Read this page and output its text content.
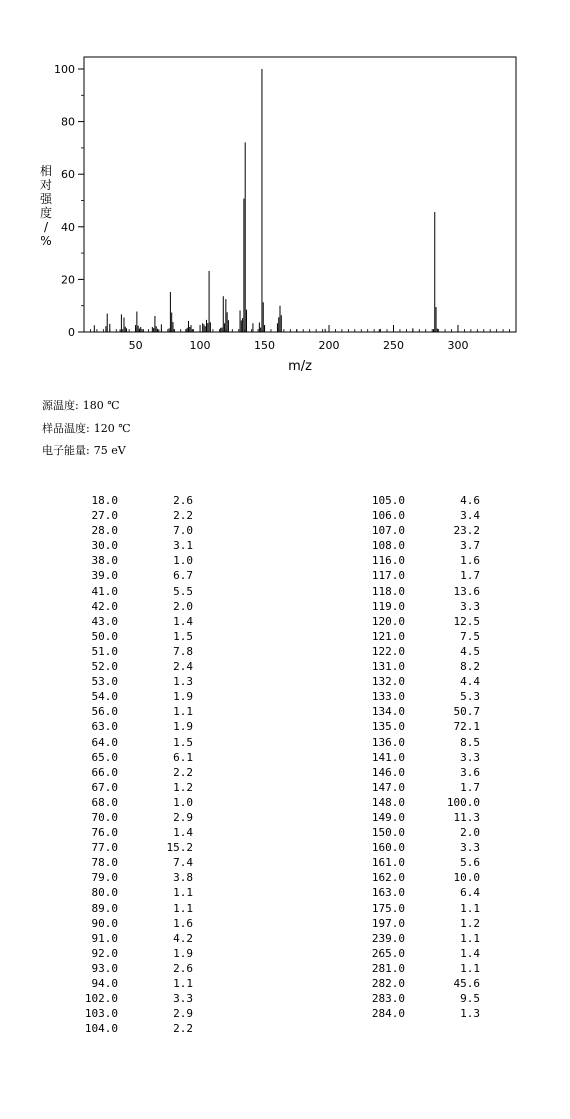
50	100	150	200	250	300
0
20
40
60
80
100
m/z
相对强度/ %
源温度: 180 ℃
样品温度: 120 ℃
电子能量: 75 eV
18.0	2.6
27.0	2.2
28.0	7.0
30.0	3.1
38.0	1.0
39.0	6.7
41.0	5.5
42.0	2.0
43.0	1.4
50.0	1.5
51.0	7.8
52.0	2.4
53.0	1.3
54.0	1.9
56.0	1.1
63.0	1.9
64.0	1.5
65.0	6.1
66.0	2.2
67.0	1.2
68.0	1.0
70.0	2.9
76.0	1.4
77.0	15.2
78.0	7.4
79.0	3.8
80.0	1.1
89.0	1.1
90.0	1.6
91.0	4.2
92.0	1.9
93.0	2.6
94.0	1.1
102.0	3.3
103.0	2.9
104.0	2.2
105.0	4.6
106.0	3.4
107.0	23.2
108.0	3.7
116.0	1.6
117.0	1.7
118.0	13.6
119.0	3.3
120.0	12.5
121.0	7.5
122.0	4.5
131.0	8.2
132.0	4.4
133.0	5.3
134.0	50.7
135.0	72.1
136.0	8.5
141.0	3.3
146.0	3.6
147.0	1.7
148.0	100.0
149.0	11.3
150.0	2.0
160.0	3.3
161.0	5.6
162.0	10.0
163.0	6.4
175.0	1.1
197.0	1.2
239.0	1.1
265.0	1.4
281.0	1.1
282.0	45.6
283.0	9.5
284.0	1.3
